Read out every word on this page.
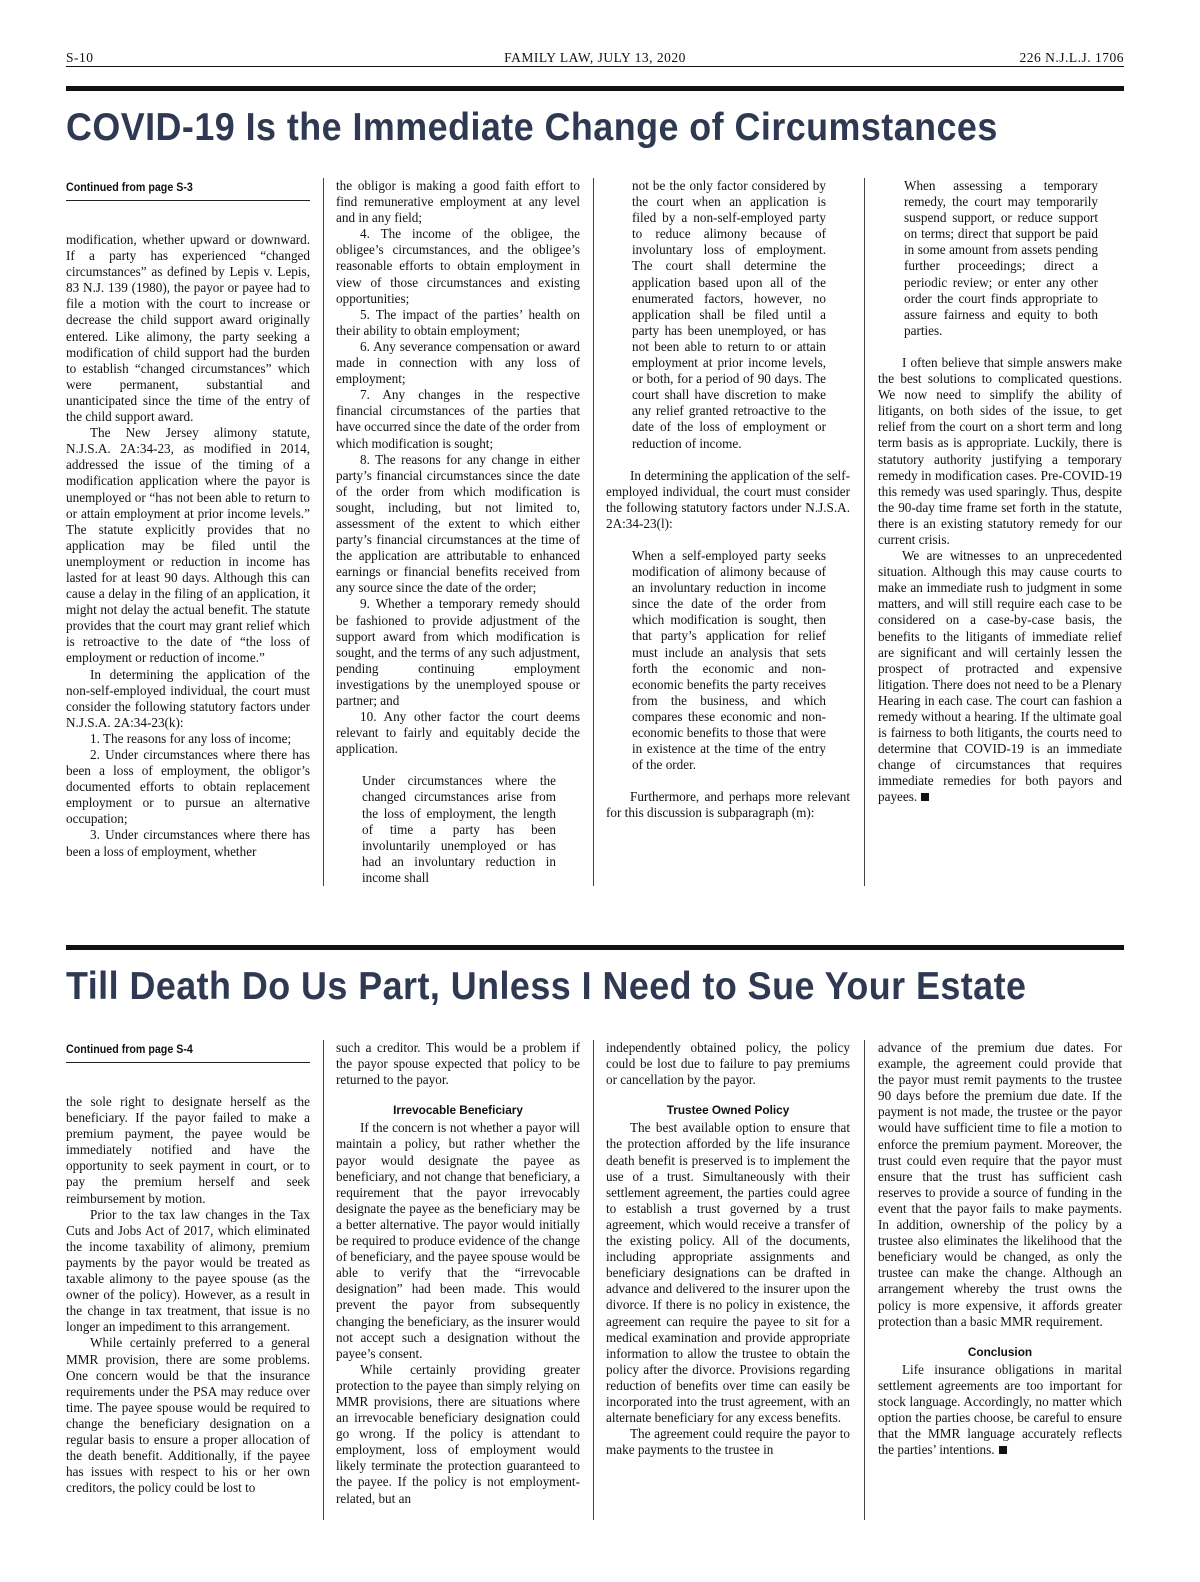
S-10	FAMILY LAW, JULY 13, 2020	226 N.J.L.J. 1706
COVID-19 Is the Immediate Change of Circumstances
Continued from page S-3

modification, whether upward or downward. If a party has experienced “changed circumstances” as defined by Lepis v. Lepis, 83 N.J. 139 (1980), the payor or payee had to file a motion with the court to increase or decrease the child support award originally entered. Like alimony, the party seeking a modification of child support had the burden to establish “changed circumstances” which were permanent, substantial and unanticipated since the time of the entry of the child support award.

The New Jersey alimony statute, N.J.S.A. 2A:34-23, as modified in 2014, addressed the issue of the timing of a modification application where the payor is unemployed or “has not been able to return to or attain employment at prior income levels.” The statute explicitly provides that no application may be filed until the unemployment or reduction in income has lasted for at least 90 days. Although this can cause a delay in the filing of an application, it might not delay the actual benefit. The statute provides that the court may grant relief which is retroactive to the date of “the loss of employment or reduction of income.”

In determining the application of the non-self-employed individual, the court must consider the following statutory factors under N.J.S.A. 2A:34-23(k):

1. The reasons for any loss of income;

2. Under circumstances where there has been a loss of employment, the obligor’s documented efforts to obtain replacement employment or to pursue an alternative occupation;

3. Under circumstances where there has been a loss of employment, whether

the obligor is making a good faith effort to find remunerative employment at any level and in any field;

4. The income of the obligee, the obligee’s circumstances, and the obligee’s reasonable efforts to obtain employment in view of those circumstances and existing opportunities;

5. The impact of the parties’ health on their ability to obtain employment;

6. Any severance compensation or award made in connection with any loss of employment;

7. Any changes in the respective financial circumstances of the parties that have occurred since the date of the order from which modification is sought;

8. The reasons for any change in either party’s financial circumstances since the date of the order from which modification is sought, including, but not limited to, assessment of the extent to which either party’s financial circumstances at the time of the application are attributable to enhanced earnings or financial benefits received from any source since the date of the order;

9. Whether a temporary remedy should be fashioned to provide adjustment of the support award from which modification is sought, and the terms of any such adjustment, pending continuing employment investigations by the unemployed spouse or partner; and

10. Any other factor the court deems relevant to fairly and equitably decide the application.

Under circumstances where the changed circumstances arise from the loss of employment, the length of time a party has been involuntarily unemployed or has had an involuntary reduction in income shall

not be the only factor considered by the court when an application is filed by a non-self-employed party to reduce alimony because of involuntary loss of employment. The court shall determine the application based upon all of the enumerated factors, however, no application shall be filed until a party has been unemployed, or has not been able to return to or attain employment at prior income levels, or both, for a period of 90 days. The court shall have discretion to make any relief granted retroactive to the date of the loss of employment or reduction of income.

In determining the application of the self-employed individual, the court must consider the following statutory factors under N.J.S.A. 2A:34-23(l):

When a self-employed party seeks modification of alimony because of an involuntary reduction in income since the date of the order from which modification is sought, then that party’s application for relief must include an analysis that sets forth the economic and non-economic benefits the party receives from the business, and which compares these economic and non-economic benefits to those that were in existence at the time of the entry of the order.

Furthermore, and perhaps more relevant for this discussion is subparagraph (m):

When assessing a temporary remedy, the court may temporarily suspend support, or reduce support on terms; direct that support be paid in some amount from assets pending further proceedings; direct a periodic review; or enter any other order the court finds appropriate to assure fairness and equity to both parties.

I often believe that simple answers make the best solutions to complicated questions. We now need to simplify the ability of litigants, on both sides of the issue, to get relief from the court on a short term and long term basis as is appropriate. Luckily, there is statutory authority justifying a temporary remedy in modification cases. Pre-COVID-19 this remedy was used sparingly. Thus, despite the 90-day time frame set forth in the statute, there is an existing statutory remedy for our current crisis.

We are witnesses to an unprecedented situation. Although this may cause courts to make an immediate rush to judgment in some matters, and will still require each case to be considered on a case-by-case basis, the benefits to the litigants of immediate relief are significant and will certainly lessen the prospect of protracted and expensive litigation. There does not need to be a Plenary Hearing in each case. The court can fashion a remedy without a hearing. If the ultimate goal is fairness to both litigants, the courts need to determine that COVID-19 is an immediate change of circumstances that requires immediate remedies for both payors and payees.

Till Death Do Us Part, Unless I Need to Sue Your Estate
Continued from page S-4

the sole right to designate herself as the beneficiary. If the payor failed to make a premium payment, the payee would be immediately notified and have the opportunity to seek payment in court, or to pay the premium herself and seek reimbursement by motion.

Prior to the tax law changes in the Tax Cuts and Jobs Act of 2017, which eliminated the income taxability of alimony, premium payments by the payor would be treated as taxable alimony to the payee spouse (as the owner of the policy). However, as a result in the change in tax treatment, that issue is no longer an impediment to this arrangement.

While certainly preferred to a general MMR provision, there are some problems. One concern would be that the insurance requirements under the PSA may reduce over time. The payee spouse would be required to change the beneficiary designation on a regular basis to ensure a proper allocation of the death benefit. Additionally, if the payee has issues with respect to his or her own creditors, the policy could be lost to

such a creditor. This would be a problem if the payor spouse expected that policy to be returned to the payor.

Irrevocable Beneficiary

If the concern is not whether a payor will maintain a policy, but rather whether the payor would designate the payee as beneficiary, and not change that beneficiary, a requirement that the payor irrevocably designate the payee as the beneficiary may be a better alternative. The payor would initially be required to produce evidence of the change of beneficiary, and the payee spouse would be able to verify that the “irrevocable designation” had been made. This would prevent the payor from subsequently changing the beneficiary, as the insurer would not accept such a designation without the payee’s consent.

While certainly providing greater protection to the payee than simply relying on MMR provisions, there are situations where an irrevocable beneficiary designation could go wrong. If the policy is attendant to employment, loss of employment would likely terminate the protection guaranteed to the payee. If the policy is not employment-related, but an

independently obtained policy, the policy could be lost due to failure to pay premiums or cancellation by the payor.

Trustee Owned Policy

The best available option to ensure that the protection afforded by the life insurance death benefit is preserved is to implement the use of a trust. Simultaneously with their settlement agreement, the parties could agree to establish a trust governed by a trust agreement, which would receive a transfer of the existing policy. All of the documents, including appropriate assignments and beneficiary designations can be drafted in advance and delivered to the insurer upon the divorce. If there is no policy in existence, the agreement can require the payee to sit for a medical examination and provide appropriate information to allow the trustee to obtain the policy after the divorce. Provisions regarding reduction of benefits over time can easily be incorporated into the trust agreement, with an alternate beneficiary for any excess benefits.

The agreement could require the payor to make payments to the trustee in

advance of the premium due dates. For example, the agreement could provide that the payor must remit payments to the trustee 90 days before the premium due date. If the payment is not made, the trustee or the payor would have sufficient time to file a motion to enforce the premium payment. Moreover, the trust could even require that the payor must ensure that the trust has sufficient cash reserves to provide a source of funding in the event that the payor fails to make payments. In addition, ownership of the policy by a trustee also eliminates the likelihood that the beneficiary would be changed, as only the trustee can make the change. Although an arrangement whereby the trust owns the policy is more expensive, it affords greater protection than a basic MMR requirement.

Conclusion

Life insurance obligations in marital settlement agreements are too important for stock language. Accordingly, no matter which option the parties choose, be careful to ensure that the MMR language accurately reflects the parties’ intentions.
